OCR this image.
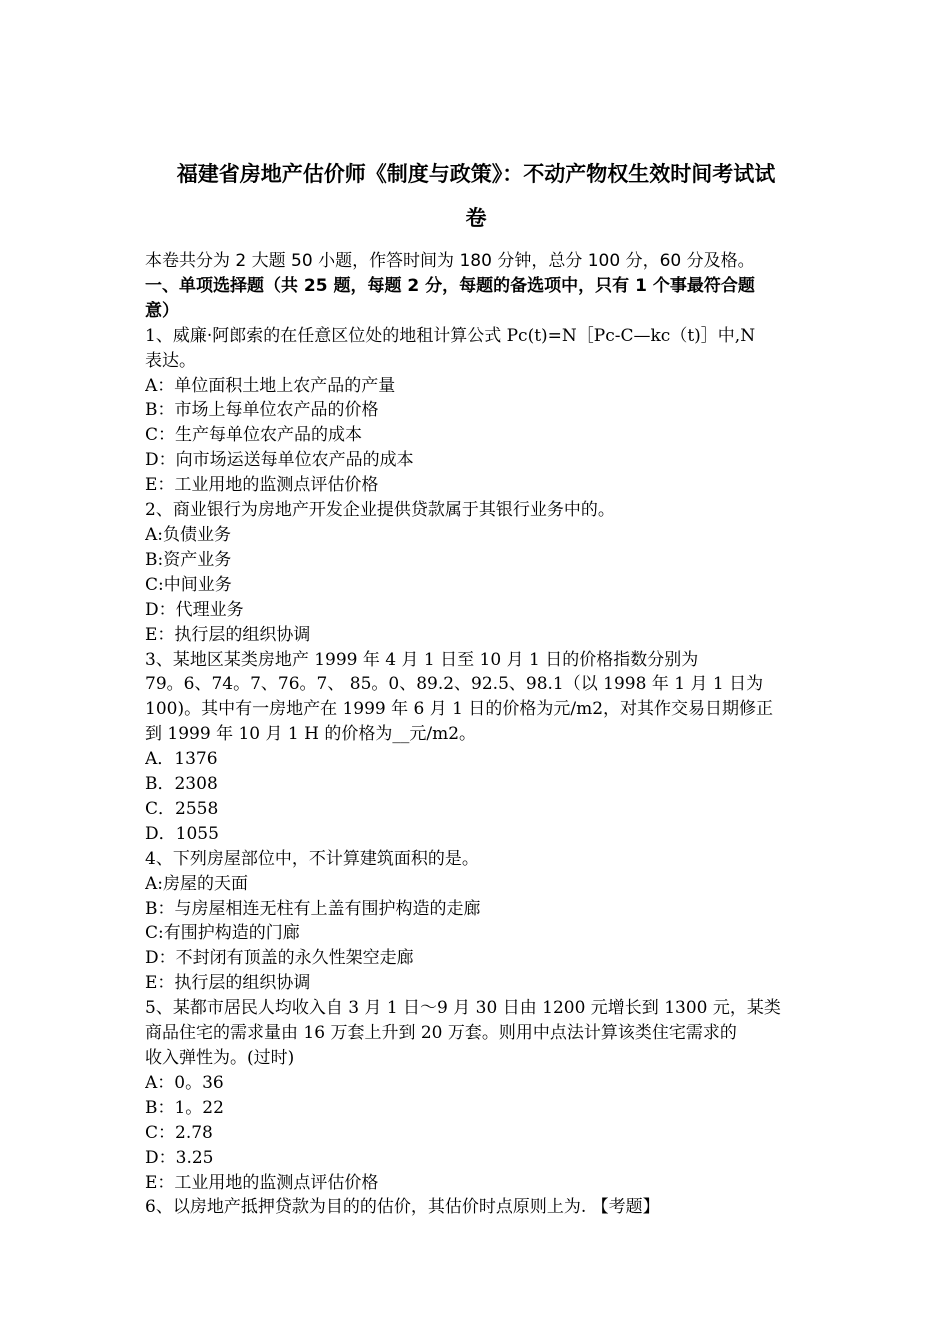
福建省房地产估价师《制度与政策》：不动产物权生效时间考试试
卷
本卷共分为 2 大题 50 小题，作答时间为 180 分钟，总分 100 分，60 分及格。
一、单项选择题（共 25 题，每题 2 分，每题的备选项中，只有 1 个事最符合题
意）
1、威廉·阿郎索的在任意区位处的地租计算公式 Pc(t)=N［Pc-C—kc（t)］中,N
表达。
A：单位面积土地上农产品的产量
B：市场上每单位农产品的价格
C：生产每单位农产品的成本
D：向市场运送每单位农产品的成本
E：工业用地的监测点评估价格
2、商业银行为房地产开发企业提供贷款属于其银行业务中的。
A:负债业务
B:资产业务
C:中间业务
D：代理业务
E：执行层的组织协调
3、某地区某类房地产 1999 年 4 月 1 日至 10 月 1 日的价格指数分别为
79。6、74。7、76。7、 85。0、89.2、92.5、98.1（以 1998 年 1 月 1 日为
100)。其中有一房地产在 1999 年 6 月 1 日的价格为元/m2，对其作交易日期修正
到 1999 年 10 月 1 H 的价格为__元/m2。
A．1376
B．2308
C．2558
D．1055
4、下列房屋部位中，不计算建筑面积的是。
A:房屋的天面
B：与房屋相连无柱有上盖有围护构造的走廊
C:有围护构造的门廊
D：不封闭有顶盖的永久性架空走廊
E：执行层的组织协调
5、某都市居民人均收入自 3 月 1 日～9 月 30 日由 1200 元增长到 1300 元，某类
商品住宅的需求量由 16 万套上升到 20 万套。则用中点法计算该类住宅需求的
收入弹性为。(过时)
A：0。36
B：1。22
C：2.78
D：3.25
E：工业用地的监测点评估价格
6、以房地产抵押贷款为目的的估价，其估价时点原则上为. 【考题】
